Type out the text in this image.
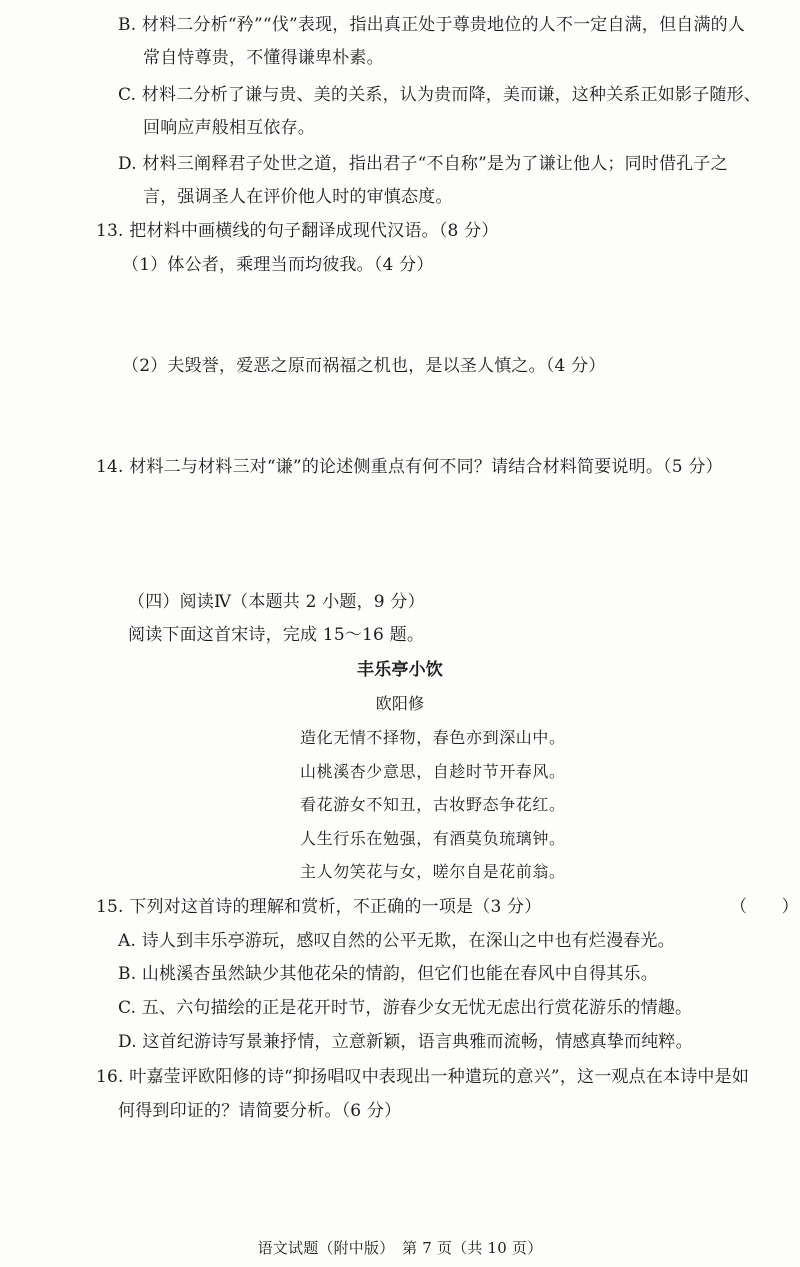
B. 材料二分析“矜”“伐”表现，指出真正处于尊贵地位的人不一定自满，但自满的人
常自恃尊贵，不懂得谦卑朴素。
C. 材料二分析了谦与贵、美的关系，认为贵而降，美而谦，这种关系正如影子随形、
回响应声般相互依存。
D. 材料三阐释君子处世之道，指出君子“不自称”是为了谦让他人；同时借孔子之
言，强调圣人在评价他人时的审慎态度。
13. 把材料中画横线的句子翻译成现代汉语。（8 分）
（1）体公者，乘理当而均彼我。（4 分）
（2）夫毁誉，爱恶之原而祸福之机也，是以圣人慎之。（4 分）
14. 材料二与材料三对“谦”的论述侧重点有何不同？请结合材料简要说明。（5 分）
（四）阅读Ⅳ（本题共 2 小题，9 分）
阅读下面这首宋诗，完成 15～16 题。
丰乐亭小饮
欧阳修
造化无情不择物，春色亦到深山中。
山桃溪杏少意思，自趁时节开春风。
看花游女不知丑，古妆野态争花红。
人生行乐在勉强，有酒莫负琉璃钟。
主人勿笑花与女，嗟尔自是花前翁。
15. 下列对这首诗的理解和赏析，不正确的一项是（3 分）	（　　）
A. 诗人到丰乐亭游玩，感叹自然的公平无欺，在深山之中也有烂漫春光。
B. 山桃溪杏虽然缺少其他花朵的情韵，但它们也能在春风中自得其乐。
C. 五、六句描绘的正是花开时节，游春少女无忧无虑出行赏花游乐的情趣。
D. 这首纪游诗写景兼抒情，立意新颖，语言典雅而流畅，情感真挚而纯粹。
16. 叶嘉莹评欧阳修的诗“抑扬唱叹中表现出一种遣玩的意兴”，这一观点在本诗中是如
何得到印证的？请简要分析。（6 分）
语文试题（附中版）　第 7 页（共 10 页）
